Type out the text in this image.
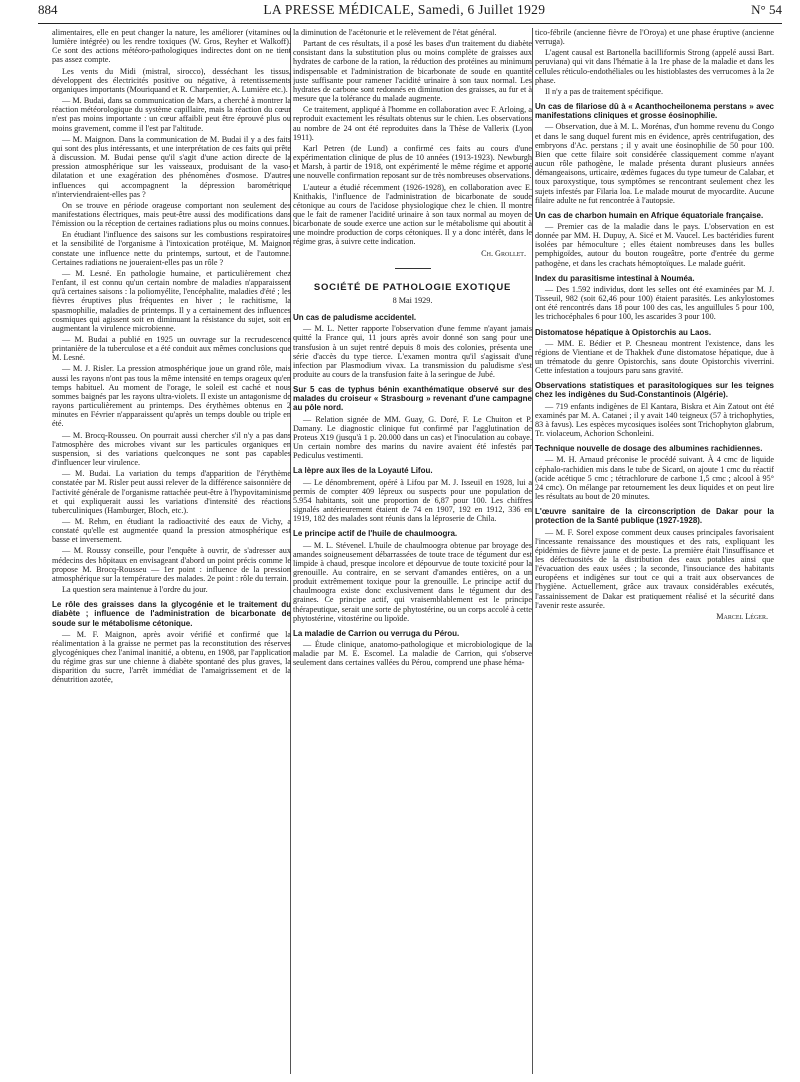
884	LA PRESSE MÉDICALE, Samedi, 6 Juillet 1929	N° 54

alimentaires, elle en peut changer la nature, les améliorer (vitamines ou lumière intégrée) ou les rendre toxiques (W. Gros, Reyher et Walkoff). Ce sont des actions météoro-pathologiques indirectes dont on ne tient pas assez compte.

Les vents du Midi (mistral, sirocco), desséchant les tissus, développent des électricités positive ou négative, à retentissements organiques importants (Mouriquand et R. Charpentier, A. Lumière etc.).

— M. Budai, dans sa communication de Mars, a cherché à montrer la réaction météorologique du système capillaire, mais la réaction du cœur n'est pas moins importante : un cœur affaibli peut être éprouvé plus ou moins gravement, comme il l'est par l'altitude.

— M. Maignon. Dans la communication de M. Budai il y a des faits qui sont des plus intéressants, et une interprétation de ces faits qui prête à discussion. M. Budai pense qu'il s'agit d'une action directe de la pression atmosphérique sur les vaisseaux, produisant de la vaso-dilatation et une exagération des phénomènes d'osmose. D'autres influences qui accompagnent la dépression barométrique n'interviendraient-elles pas ?

On se trouve en période orageuse comportant non seulement des manifestations électriques, mais peut-être aussi des modifications dans l'émission ou la réception de certaines radiations plus ou moins connues.

En étudiant l'influence des saisons sur les combustions respiratoires et la sensibilité de l'organisme à l'intoxication protéique, M. Maignon constate une influence nette du printemps, surtout, et de l'automne. Certaines radiations ne joueraient-elles pas un rôle ?

— M. Lesné. En pathologie humaine, et particulièrement chez l'enfant, il est connu qu'un certain nombre de maladies n'apparaissent qu'à certaines saisons : la poliomyélite, l'encéphalite, maladies d'été ; les fièvres éruptives plus fréquentes en hiver ; le rachitisme, la spasmophilie, maladies de printemps. Il y a certainement des influences cosmiques qui agissent soit en diminuant la résistance du sujet, soit en augmentant la virulence microbienne.

— M. Budai a publié en 1925 un ouvrage sur la recrudescence printanière de la tuberculose et a été conduit aux mêmes conclusions que M. Lesné.

— M. J. Risler. La pression atmosphérique joue un grand rôle, mais aussi les rayons n'ont pas tous la même intensité en temps orageux qu'en temps habituel. Au moment de l'orage, le soleil est caché et nous sommes baignés par les rayons ultra-violets. Il existe un antagonisme de rayons particulièrement au printemps. Des érythèmes obtenus en 2 minutes en Février n'apparaissent qu'après un temps double ou triple en été.

— M. Brocq-Rousseu. On pourrait aussi chercher s'il n'y a pas dans l'atmosphère des microbes vivant sur les particules organiques en suspension, si des variations quelconques ne sont pas capables d'influencer leur virulence.

— M. Budai. La variation du temps d'apparition de l'érythème constatée par M. Risler peut aussi relever de la différence saisonnière de l'activité générale de l'organisme rattachée peut-être à l'hypovitaminisme et qui expliquerait aussi les variations d'intensité des réactions tuberculiniques (Hamburger, Bloch, etc.).

— M. Rehm, en étudiant la radioactivité des eaux de Vichy, a constaté qu'elle est augmentée quand la pression atmosphérique est basse et inversement.

— M. Roussy conseille, pour l'enquête à ouvrir, de s'adresser aux médecins des hôpitaux en envisageant d'abord un point précis comme le propose M. Brocq-Rousseu — 1er point : influence de la pression atmosphérique sur la température des malades. 2e point : rôle du terrain.

La question sera maintenue à l'ordre du jour.

Le rôle des graisses dans la glycogénie et le traitement du diabète ; influence de l'administration de bicarbonate de soude sur le métabolisme cétonique.

— M. F. Maignon, après avoir vérifié et confirmé que la réalimentation à la graisse ne permet pas la reconstitution des réserves glycogéniques chez l'animal inanitié, a obtenu, en 1908, par l'application du régime gras sur une chienne à diabète spontané des plus graves, la disparition du sucre, l'arrêt immédiat de l'amaigrissement et de la dénutrition azotée,

la diminution de l'acétonurie et le relèvement de l'état général.

Partant de ces résultats, il a posé les bases d'un traitement du diabète consistant dans la substitution plus ou moins complète de graisses aux hydrates de carbone de la ration, la réduction des protéines au minimum indispensable et l'administration de bicarbonate de soude en quantité juste suffisante pour ramener l'acidité urinaire à son taux normal. Les hydrates de carbone sont redonnés en diminution des graisses, au fur et à mesure que la tolérance du malade augmente.

Ce traitement, appliqué à l'homme en collaboration avec F. Arloing, a reproduit exactement les résultats obtenus sur le chien. Les observations au nombre de 24 ont été reproduites dans la Thèse de Vallerix (Lyon 1911).

Karl Petren (de Lund) a confirmé ces faits au cours d'une expérimentation clinique de plus de 10 années (1913-1923). Newburgh et Marsh, à partir de 1918, ont expérimenté le même régime et apporté une nouvelle confirmation reposant sur de très nombreuses observations.

L'auteur a étudié récemment (1926-1928), en collaboration avec E. Knithakis, l'influence de l'administration de bicarbonate de soude cétonique au cours de l'acidose physiologique chez le chien. Il montre que le fait de ramener l'acidité urinaire à son taux normal au moyen de bicarbonate de soude exerce une action sur le métabolisme qui aboutit à une moindre production de corps cétoniques. Il y a donc intérêt, dans le régime gras, à suivre cette indication.

Ch. Grollet.

SOCIÉTÉ DE PATHOLOGIE EXOTIQUE

8 Mai 1929.

Un cas de paludisme accidentel.

— M. L. Netter rapporte l'observation d'une femme n'ayant jamais quitté la France qui, 11 jours après avoir donné son sang pour une transfusion à un sujet rentré depuis 8 mois des colonies, présenta une série d'accès du type tierce. L'examen montra qu'il s'agissait d'une infection par Plasmodium vivax. La transmission du paludisme s'est produite au cours de la transfusion faite à la seringue de Jubé.

Sur 5 cas de typhus bénin exanthématique observé sur des malades du croiseur « Strasbourg » revenant d'une campagne au pôle nord.

— Relation signée de MM. Guay, G. Doré, F. Le Chuiton et P. Damany. Le diagnostic clinique fut confirmé par l'agglutination de Proteus X19 (jusqu'à 1 p. 20.000 dans un cas) et l'inoculation au cobaye. Un certain nombre des marins du navire avaient été infestés par Pediculus vestimenti.

La lèpre aux îles de la Loyauté Lifou.

— Le dénombrement, opéré à Lifou par M. J. Isseuil en 1928, lui a permis de compter 409 lépreux ou suspects pour une population de 5.954 habitants, soit une proportion de 6,87 pour 100. Les chiffres signalés antérieurement étaient de 74 en 1907, 192 en 1912, 336 en 1919, 182 des malades sont réunis dans la léproserie de Chila.

Le principe actif de l'huile de chaulmoogra.

— M. L. Stévenel. L'huile de chaulmoogra obtenue par broyage des amandes soigneusement débarrassées de toute trace de tégument dur est limpide à chaud, presque incolore et dépourvue de toute toxicité pour la grenouille. Au contraire, en se servant d'amandes entières, on a un produit extrêmement toxique pour la grenouille. Le principe actif du chaulmoogra existe donc exclusivement dans le tégument dur des graines. Ce principe actif, qui vraisemblablement est le principe thérapeutique, serait une sorte de phytostérine, ou un corps accolé à cette phytostérine, vitostérine ou lipoïde.

La maladie de Carrion ou verruga du Pérou.

— Étude clinique, anatomo-pathologique et microbiologique de la maladie par M. E. Escomel. La maladie de Carrion, qui s'observe seulement dans certaines vallées du Pérou, comprend une phase héma-

tico-fébrile (ancienne fièvre de l'Oroya) et une phase éruptive (ancienne verruga).

L'agent causal est Bartonella bacilliformis Strong (appelé aussi Bart. peruviana) qui vit dans l'hématie à la 1re phase de la maladie et dans les cellules réticulo-endothéliales ou les histioblastes des verrucomes à la 2e phase.

Il n'y a pas de traitement spécifique.

Un cas de filariose dû à « Acanthocheilonema perstans » avec manifestations cliniques et grosse éosinophilie.

— Observation, due à M. L. Morénas, d'un homme revenu du Congo et dans le sang duquel furent mis en évidence, après centrifugation, des embryons d'Ac. perstans ; il y avait une éosinophilie de 50 pour 100. Bien que cette filaire soit considérée classiquement comme n'ayant aucun rôle pathogène, le malade présenta durant plusieurs années démangeaisons, urticaire, œdèmes fugaces du type tumeur de Calabar, et toux paroxystique, tous symptômes se rencontrant seulement chez les sujets infestés par Filaria loa. Le malade mourut de myocardite. Aucune filaire adulte ne fut rencontrée à l'autopsie.

Un cas de charbon humain en Afrique équatoriale française.

— Premier cas de la maladie dans le pays. L'observation en est donnée par MM. H. Dupuy, A. Sicé et M. Vaucel. Les bactéridies furent isolées par hémoculture ; elles étaient nombreuses dans les bulles pemphigoïdes, autour du bouton rougeâtre, porte d'entrée du germe pathogène, et dans les crachats hémoptoïques. Le malade guérit.

Index du parasitisme intestinal à Nouméa.

— Des 1.592 individus, dont les selles ont été examinées par M. J. Tisseuil, 982 (soit 62,46 pour 100) étaient parasités. Les ankylostomes ont été rencontrés dans 18 pour 100 des cas, les anguillules 5 pour 100, les trichocéphales 6 pour 100, les ascarides 3 pour 100.

Distomatose hépatique à Opistorchis au Laos.

— MM. E. Bédier et P. Chesneau montrent l'existence, dans les régions de Vientiane et de Thakhek d'une distomatose hépatique, due à un trématode du genre Opistorchis, sans doute Opistorchis viverrini. Cette infestation a toujours paru sans gravité.

Observations statistiques et parasitologiques sur les teignes chez les indigènes du Sud-Constantinois (Algérie).

— 719 enfants indigènes de El Kantara, Biskra et Ain Zatout ont été examinés par M. A. Catanei ; il y avait 140 teigneux (57 à trichophyties, 83 à favus). Les espèces mycosiques isolées sont Trichophyton glabrum, Tr. violaceum, Achorion Schonleini.

Technique nouvelle de dosage des albumines rachidiennes.

— M. H. Arnaud préconise le procédé suivant. À 4 cmc de liquide céphalo-rachidien mis dans le tube de Sicard, on ajoute 1 cmc du réactif (acide acétique 5 cmc ; tétrachlorure de carbone 1,5 cmc ; alcool à 95° 24 cmc). On mélange par retournement les deux liquides et on peut lire les résultats au bout de 20 minutes.

L'œuvre sanitaire de la circonscription de Dakar pour la protection de la Santé publique (1927-1928).

— M. F. Sorel expose comment deux causes principales favorisaient l'incessante renaissance des moustiques et des rats, expliquant les épidémies de fièvre jaune et de peste. La première était l'insuffisance et les défectuosités de la distribution des eaux potables ainsi que l'évacuation des eaux usées ; la seconde, l'insouciance des habitants européens et indigènes sur tout ce qui a trait aux observances de l'hygiène. Actuellement, grâce aux travaux considérables exécutés, l'assainissement de Dakar est pratiquement réalisé et la sécurité dans l'avenir reste assurée.

Marcel Léger.
